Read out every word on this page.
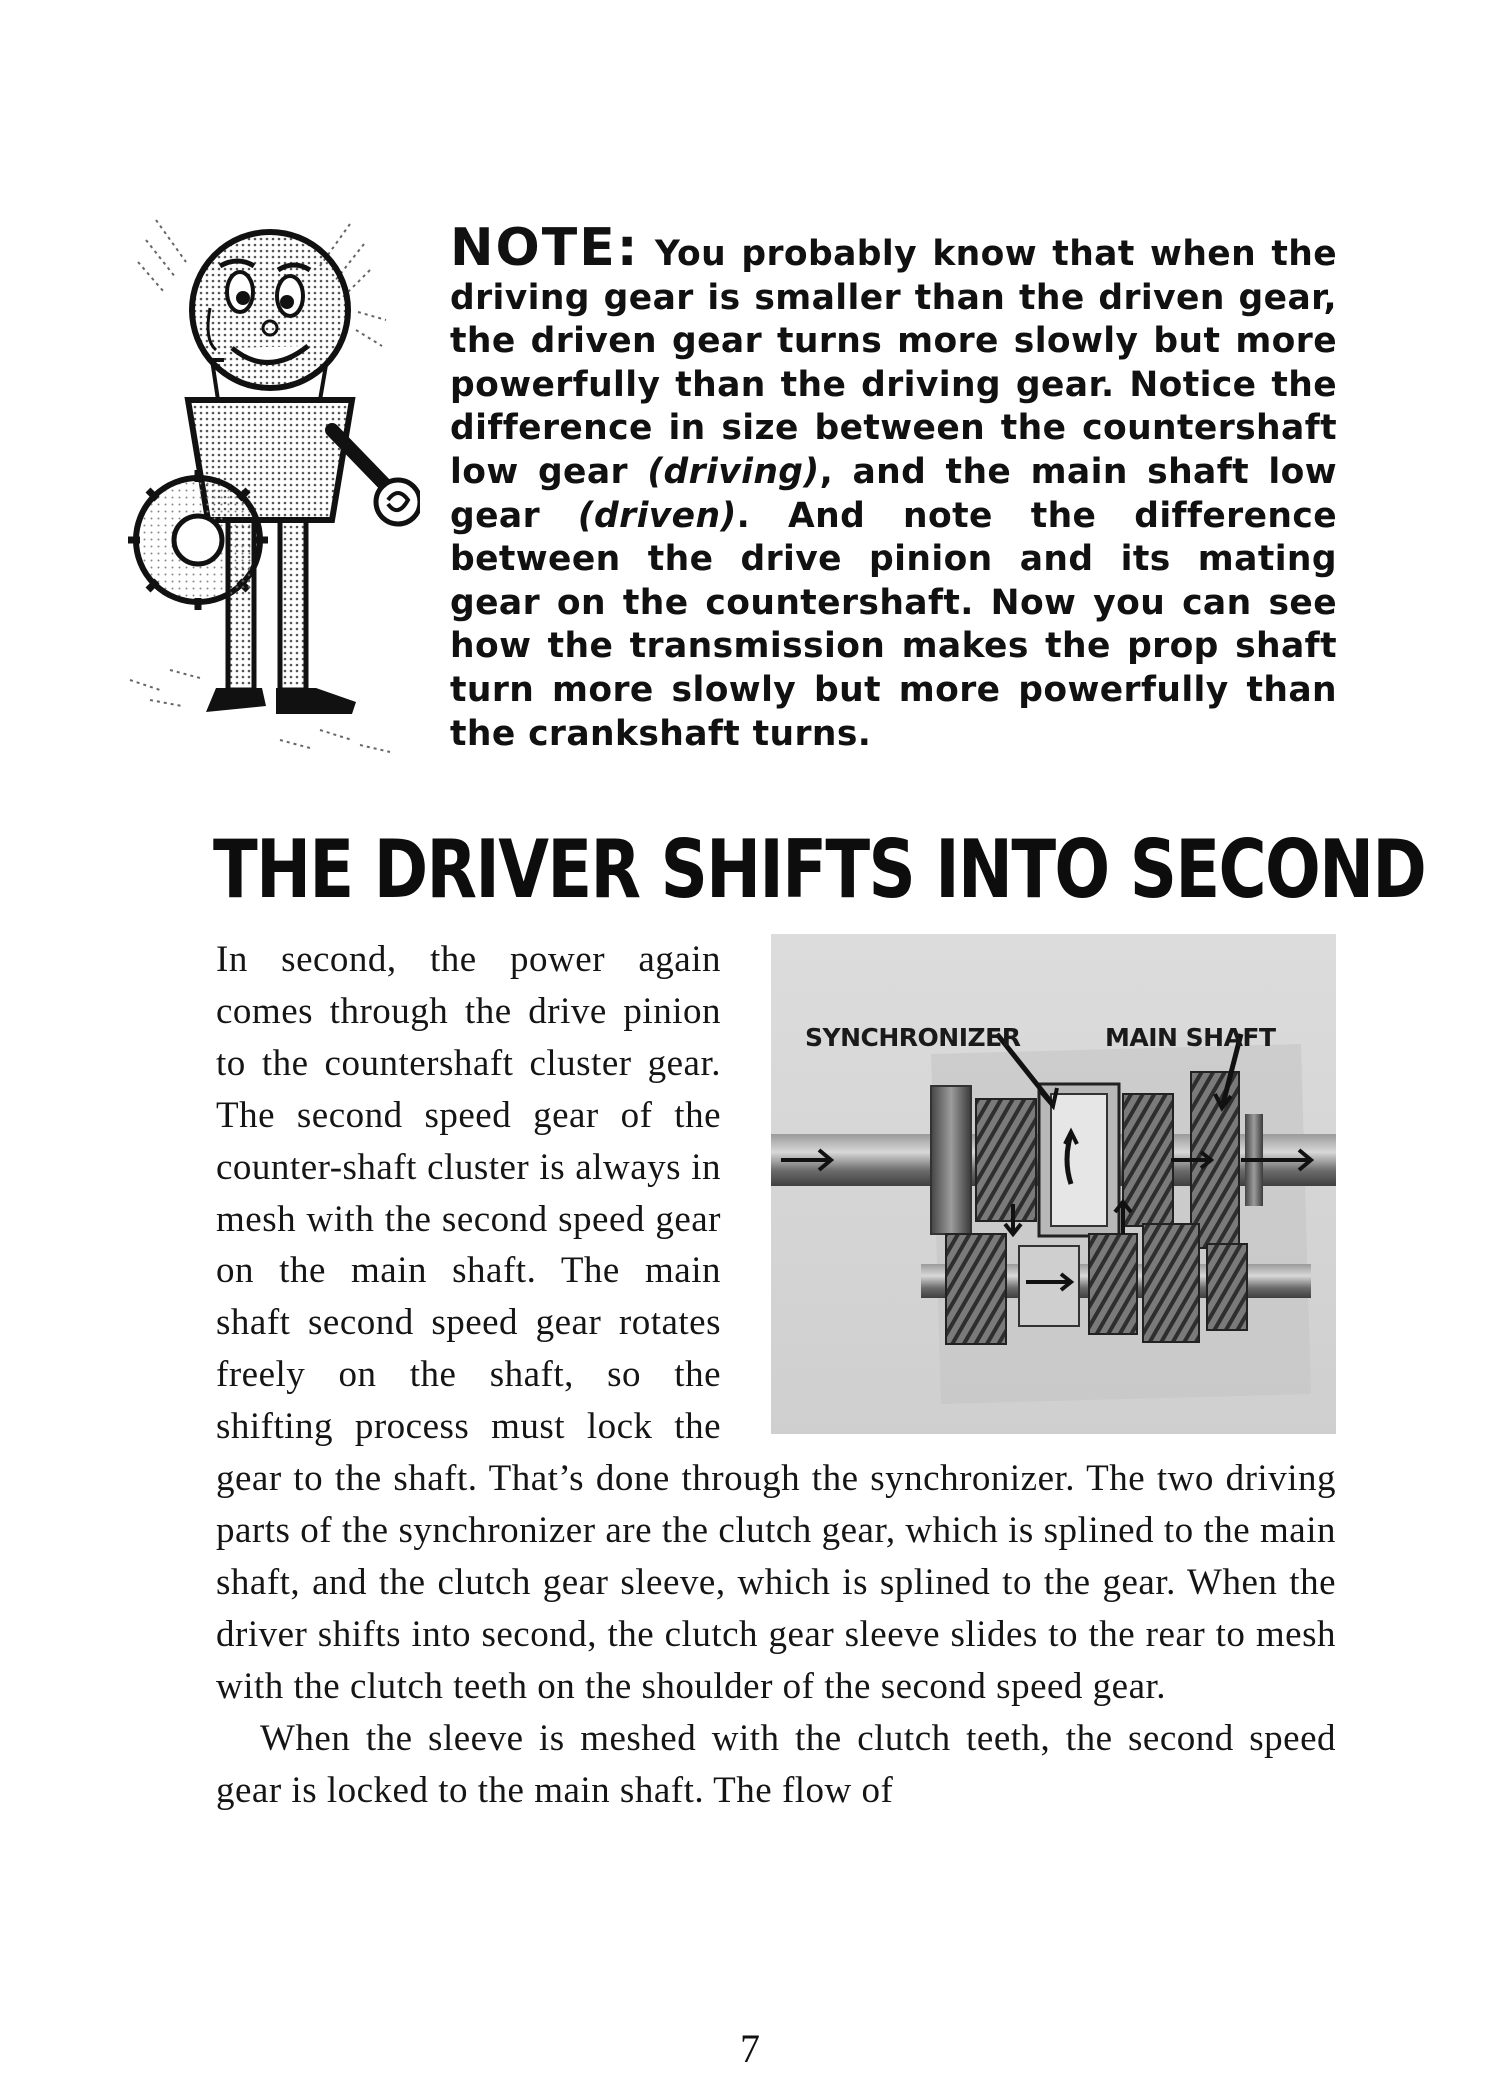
NOTE: You probably know that when the driving gear is smaller than the driven gear, the driven gear turns more slowly but more powerfully than the driving gear. Notice the difference in size between the countershaft low gear (driving), and the main shaft low gear (driven). And note the difference between the drive pinion and its mating gear on the countershaft. Now you can see how the transmission makes the prop shaft turn more slowly but more powerfully than the crankshaft turns.
THE DRIVER SHIFTS INTO SECOND
SYNCHRONIZER	MAIN SHAFT

In second, the power again comes through the drive pinion to the countershaft cluster gear. The second speed gear of the counter-shaft cluster is always in mesh with the second speed gear on the main shaft. The main shaft second speed gear rotates freely on the shaft, so the shifting process must lock the gear to the shaft. That’s done through the synchronizer. The two driving parts of the synchronizer are the clutch gear, which is splined to the main shaft, and the clutch gear sleeve, which is splined to the gear. When the driver shifts into second, the clutch gear sleeve slides to the rear to mesh with the clutch teeth on the shoulder of the second speed gear.

When the sleeve is meshed with the clutch teeth, the second speed gear is locked to the main shaft. The flow of

7
